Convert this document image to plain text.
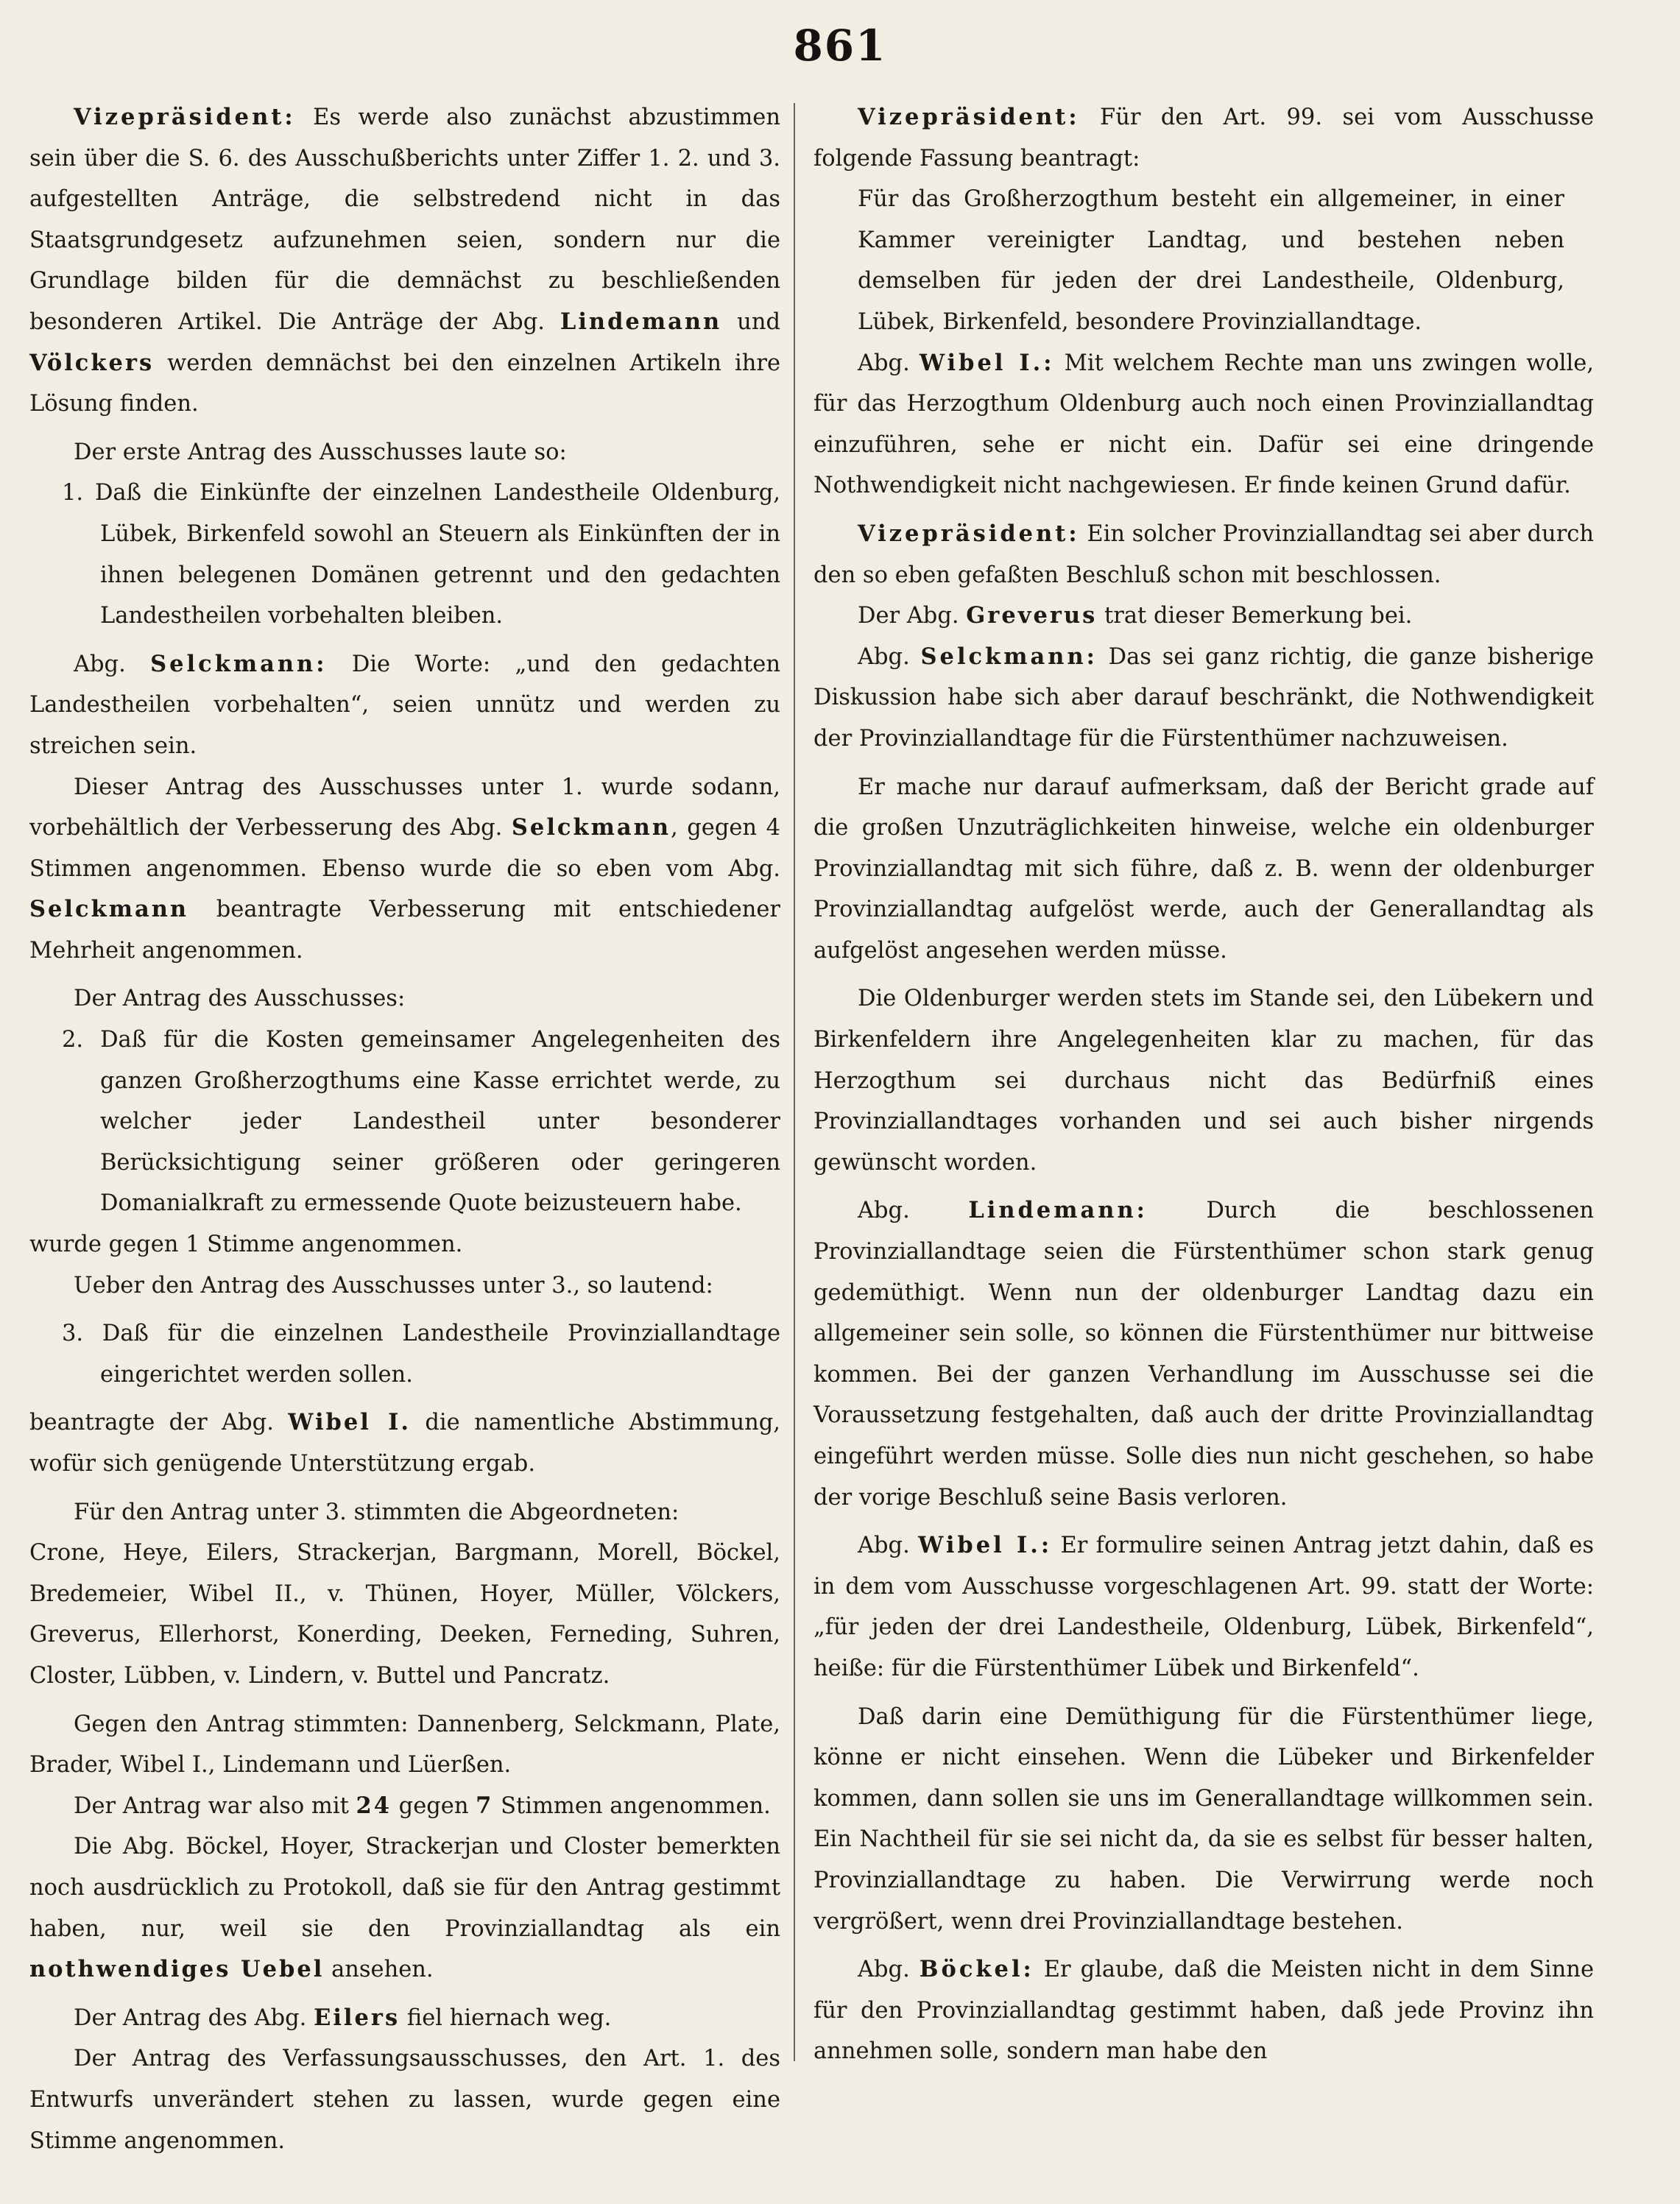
861

Vizepräsident: Es werde also zunächst abzustimmen sein über die S. 6. des Ausschußberichts unter Ziffer 1. 2. und 3. aufgestellten Anträge, die selbstredend nicht in das Staatsgrundgesetz aufzunehmen seien, sondern nur die Grundlage bilden für die demnächst zu beschließenden besonderen Artikel. Die Anträge der Abg. Lindemann und Völckers werden demnächst bei den einzelnen Artikeln ihre Lösung finden.

Der erste Antrag des Ausschusses laute so:

1. Daß die Einkünfte der einzelnen Landestheile Oldenburg, Lübek, Birkenfeld sowohl an Steuern als Einkünften der in ihnen belegenen Domänen getrennt und den gedachten Landestheilen vorbehalten bleiben.

Abg. Selckmann: Die Worte: „und den gedachten Landestheilen vorbehalten“, seien unnütz und werden zu streichen sein.

Dieser Antrag des Ausschusses unter 1. wurde sodann, vorbehältlich der Verbesserung des Abg. Selckmann, gegen 4 Stimmen angenommen. Ebenso wurde die so eben vom Abg. Selckmann beantragte Verbesserung mit entschiedener Mehrheit angenommen.

Der Antrag des Ausschusses:

2. Daß für die Kosten gemeinsamer Angelegenheiten des ganzen Großherzogthums eine Kasse errichtet werde, zu welcher jeder Landestheil unter besonderer Berücksichtigung seiner größeren oder geringeren Domanialkraft zu ermessende Quote beizusteuern habe.

wurde gegen 1 Stimme angenommen.

Ueber den Antrag des Ausschusses unter 3., so lautend:

3. Daß für die einzelnen Landestheile Provinziallandtage eingerichtet werden sollen.

beantragte der Abg. Wibel I. die namentliche Abstimmung, wofür sich genügende Unterstützung ergab.

Für den Antrag unter 3. stimmten die Abgeordneten:

Crone, Heye, Eilers, Strackerjan, Bargmann, Morell, Böckel, Bredemeier, Wibel II., v. Thünen, Hoyer, Müller, Völckers, Greverus, Ellerhorst, Konerding, Deeken, Ferneding, Suhren, Closter, Lübben, v. Lindern, v. Buttel und Pancratz.

Gegen den Antrag stimmten: Dannenberg, Selckmann, Plate, Brader, Wibel I., Lindemann und Lüerßen.

Der Antrag war also mit 24 gegen 7 Stimmen angenommen.

Die Abg. Böckel, Hoyer, Strackerjan und Closter bemerkten noch ausdrücklich zu Protokoll, daß sie für den Antrag gestimmt haben, nur, weil sie den Provinziallandtag als ein nothwendiges Uebel ansehen.

Der Antrag des Abg. Eilers fiel hiernach weg.

Der Antrag des Verfassungsausschusses, den Art. 1. des Entwurfs unverändert stehen zu lassen, wurde gegen eine Stimme angenommen.

Vizepräsident: Für den Art. 99. sei vom Ausschusse folgende Fassung beantragt:

Für das Großherzogthum besteht ein allgemeiner, in einer Kammer vereinigter Landtag, und bestehen neben demselben für jeden der drei Landestheile, Oldenburg, Lübek, Birkenfeld, besondere Provinziallandtage.

Abg. Wibel I.: Mit welchem Rechte man uns zwingen wolle, für das Herzogthum Oldenburg auch noch einen Provinziallandtag einzuführen, sehe er nicht ein. Dafür sei eine dringende Nothwendigkeit nicht nachgewiesen. Er finde keinen Grund dafür.

Vizepräsident: Ein solcher Provinziallandtag sei aber durch den so eben gefaßten Beschluß schon mit beschlossen.

Der Abg. Greverus trat dieser Bemerkung bei.

Abg. Selckmann: Das sei ganz richtig, die ganze bisherige Diskussion habe sich aber darauf beschränkt, die Nothwendigkeit der Provinziallandtage für die Fürstenthümer nachzuweisen.

Er mache nur darauf aufmerksam, daß der Bericht grade auf die großen Unzuträglichkeiten hinweise, welche ein oldenburger Provinziallandtag mit sich führe, daß z. B. wenn der oldenburger Provinziallandtag aufgelöst werde, auch der Generallandtag als aufgelöst angesehen werden müsse.

Die Oldenburger werden stets im Stande sei, den Lübekern und Birkenfeldern ihre Angelegenheiten klar zu machen, für das Herzogthum sei durchaus nicht das Bedürfniß eines Provinziallandtages vorhanden und sei auch bisher nirgends gewünscht worden.

Abg. Lindemann: Durch die beschlossenen Provinziallandtage seien die Fürstenthümer schon stark genug gedemüthigt. Wenn nun der oldenburger Landtag dazu ein allgemeiner sein solle, so können die Fürstenthümer nur bittweise kommen. Bei der ganzen Verhandlung im Ausschusse sei die Voraussetzung festgehalten, daß auch der dritte Provinziallandtag eingeführt werden müsse. Solle dies nun nicht geschehen, so habe der vorige Beschluß seine Basis verloren.

Abg. Wibel I.: Er formulire seinen Antrag jetzt dahin, daß es in dem vom Ausschusse vorgeschlagenen Art. 99. statt der Worte: „für jeden der drei Landestheile, Oldenburg, Lübek, Birkenfeld“, heiße: für die Fürstenthümer Lübek und Birkenfeld“.

Daß darin eine Demüthigung für die Fürstenthümer liege, könne er nicht einsehen. Wenn die Lübeker und Birkenfelder kommen, dann sollen sie uns im Generallandtage willkommen sein. Ein Nachtheil für sie sei nicht da, da sie es selbst für besser halten, Provinziallandtage zu haben. Die Verwirrung werde noch vergrößert, wenn drei Provinziallandtage bestehen.

Abg. Böckel: Er glaube, daß die Meisten nicht in dem Sinne für den Provinziallandtag gestimmt haben, daß jede Provinz ihn annehmen solle, sondern man habe den
